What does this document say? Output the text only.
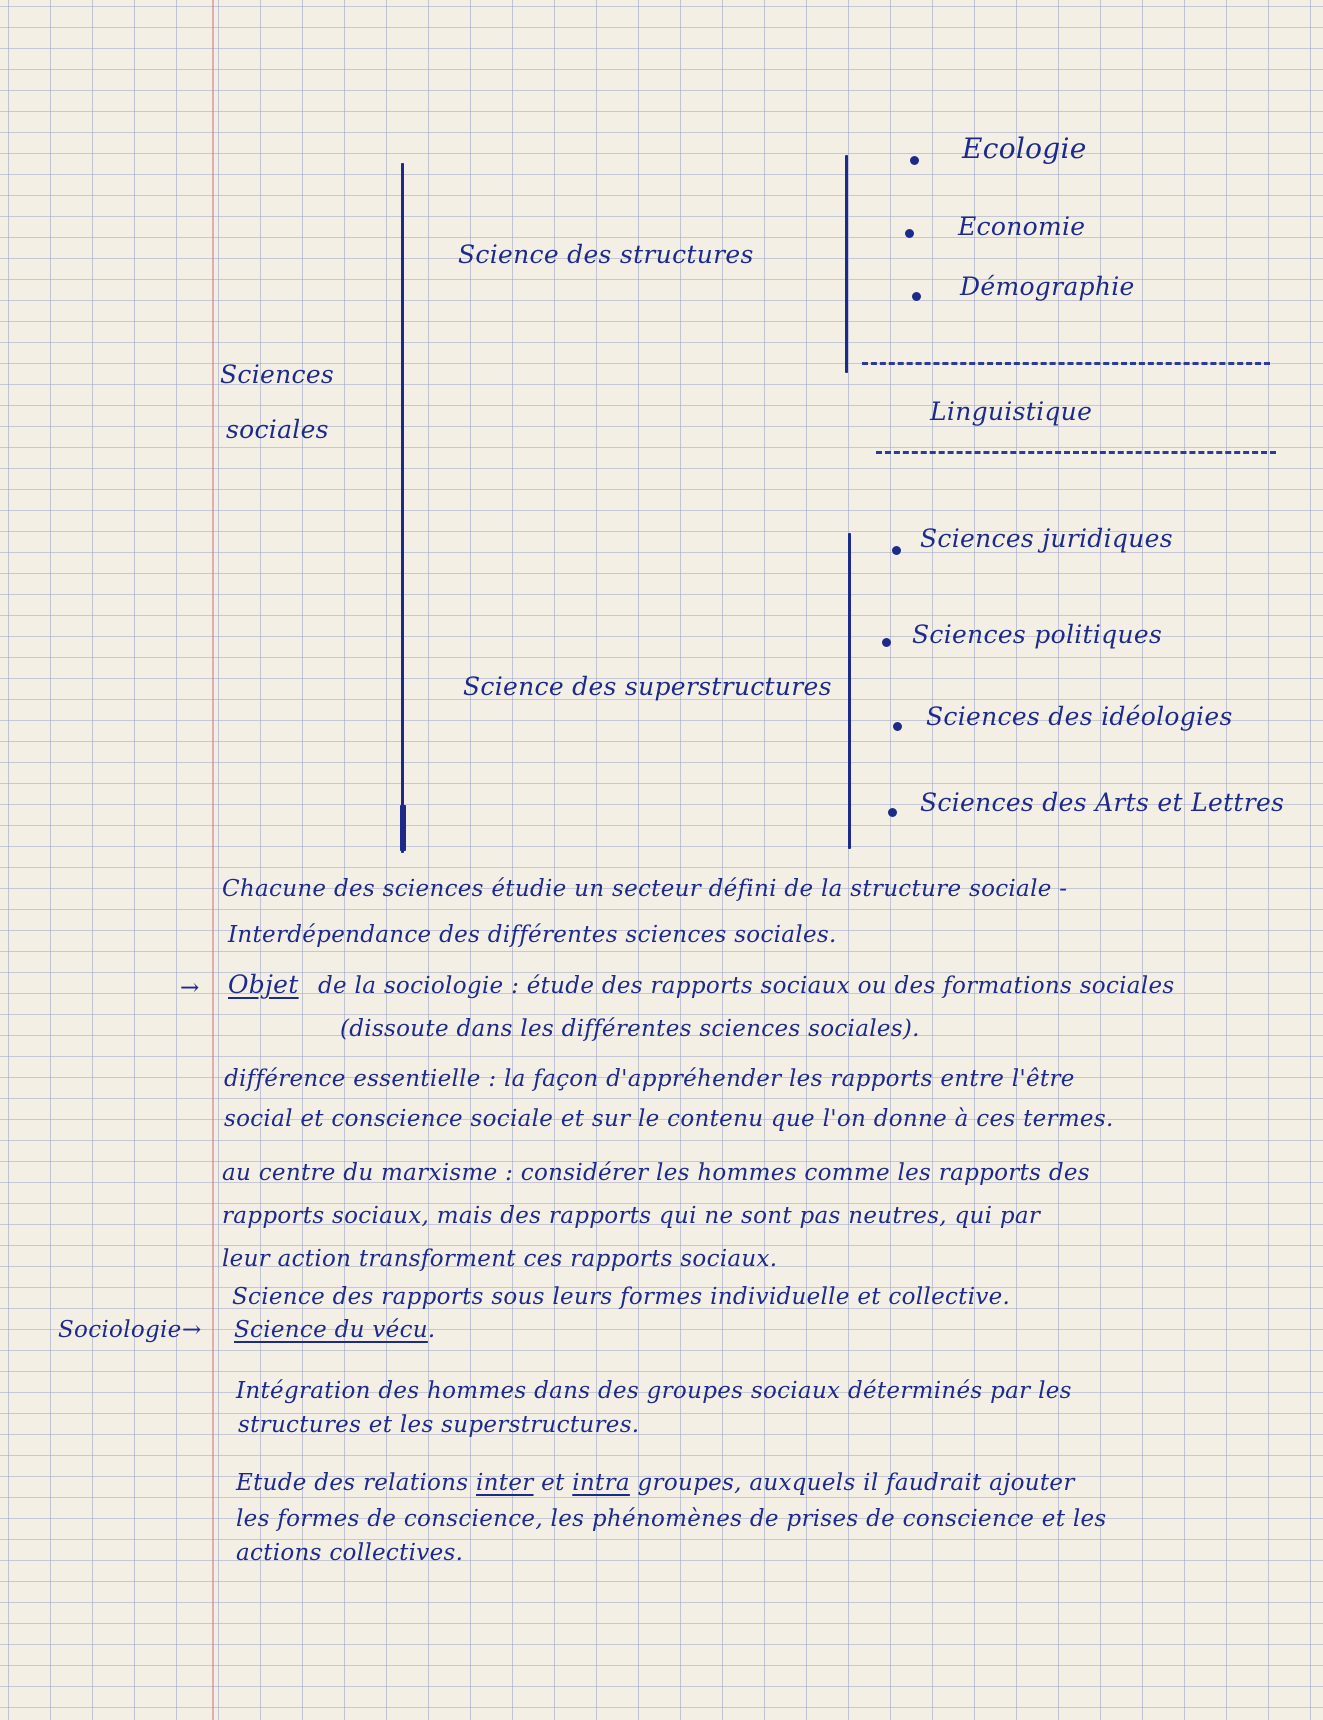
Sciences
sociales
Science des structures
Science des superstructures
Ecologie
Economie
Démographie
Linguistique
Sciences juridiques
Sciences politiques
Sciences des idéologies
Sciences des Arts et Lettres
Chacune des sciences étudie un secteur défini de la structure sociale -
Interdépendance des différentes sciences sociales.
→ Objet de la sociologie : étude des rapports sociaux ou des formations sociales
(dissoute dans les différentes sciences sociales).
différence essentielle : la façon d'appréhender les rapports entre l'être
social et conscience sociale et sur le contenu que l'on donne à ces termes.
au centre du marxisme : considérer les hommes comme les rapports des
rapports sociaux, mais des rapports qui ne sont pas neutres, qui par
leur action transforment ces rapports sociaux.
Science des rapports sous leurs formes individuelle et collective.
Sociologie → Science du vécu.
Intégration des hommes dans des groupes sociaux déterminés par les
structures et les superstructures.
Etude des relations inter et intra groupes, auxquels il faudrait ajouter
les formes de conscience, les phénomènes de prises de conscience et les
actions collectives.
